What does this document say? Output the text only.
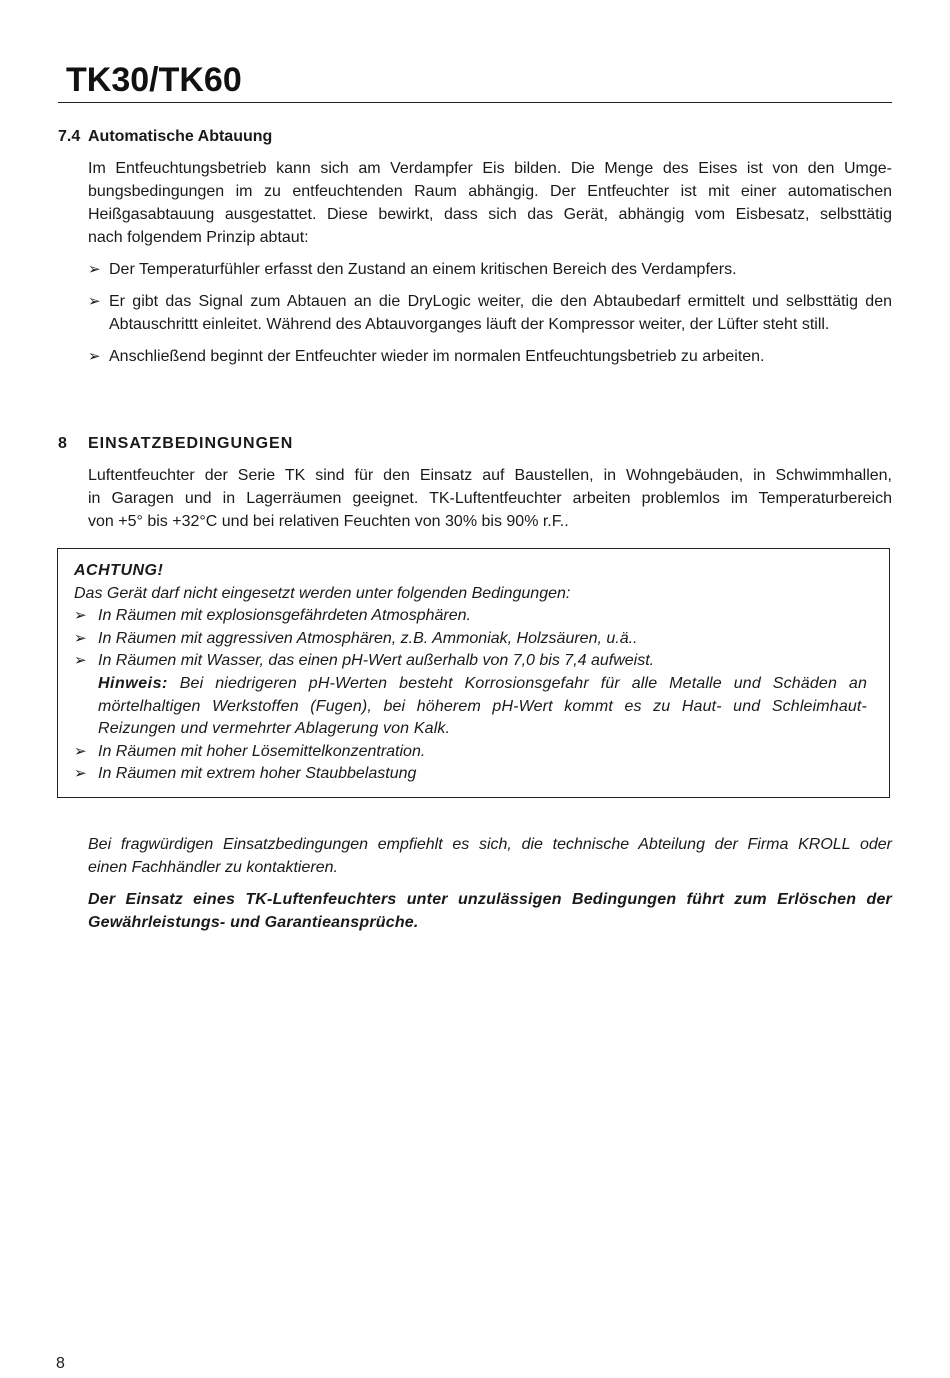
TK30/TK60
7.4 Automatische Abtauung
Im Entfeuchtungsbetrieb kann sich am Verdampfer Eis bilden. Die Menge des Eises ist von den Umge-
bungsbedingungen im zu entfeuchtenden Raum abhängig. Der Entfeuchter ist mit einer automatischen
Heißgasabtauung ausgestattet. Diese bewirkt, dass sich das Gerät, abhängig vom Eisbesatz, selbsttätig
nach folgendem Prinzip abtaut:
➢ Der Temperaturfühler erfasst den Zustand an einem kritischen Bereich des Verdampfers.
➢ Er gibt das Signal zum Abtauen an die DryLogic weiter, die den Abtaubedarf ermittelt und selbsttätig den Abtauschrittt einleitet. Während des Abtauvorganges läuft der Kompressor weiter, der Lüfter steht still.
➢ Anschließend beginnt der Entfeuchter wieder im normalen Entfeuchtungsbetrieb zu arbeiten.
8 EINSATZBEDINGUNGEN
Luftentfeuchter der Serie TK sind für den Einsatz auf Baustellen, in Wohngebäuden, in Schwimmhallen,
in Garagen und in Lagerräumen geeignet. TK-Luftentfeuchter arbeiten problemlos im Temperaturbereich
von +5° bis +32°C und bei relativen Feuchten von 30% bis 90% r.F..
ACHTUNG!
Das Gerät darf nicht eingesetzt werden unter folgenden Bedingungen:
➢ In Räumen mit explosionsgefährdeten Atmosphären.
➢ In Räumen mit aggressiven Atmosphären, z.B. Ammoniak, Holzsäuren, u.ä..
➢ In Räumen mit Wasser, das einen pH-Wert außerhalb von 7,0 bis 7,4 aufweist.
Hinweis: Bei niedrigeren pH-Werten besteht Korrosionsgefahr für alle Metalle und Schäden an mörtelhaltigen Werkstoffen (Fugen), bei höherem pH-Wert kommt es zu Haut- und Schleimhaut-Reizungen und vermehrter Ablagerung von Kalk.
➢ In Räumen mit hoher Lösemittelkonzentration.
➢ In Räumen mit extrem hoher Staubbelastung
Bei fragwürdigen Einsatzbedingungen empfiehlt es sich, die technische Abteilung der Firma KROLL oder
einen Fachhändler zu kontaktieren.
Der Einsatz eines TK-Luftenfeuchters unter unzulässigen Bedingungen führt zum Erlöschen der
Gewährleistungs- und Garantieansprüche.
8
